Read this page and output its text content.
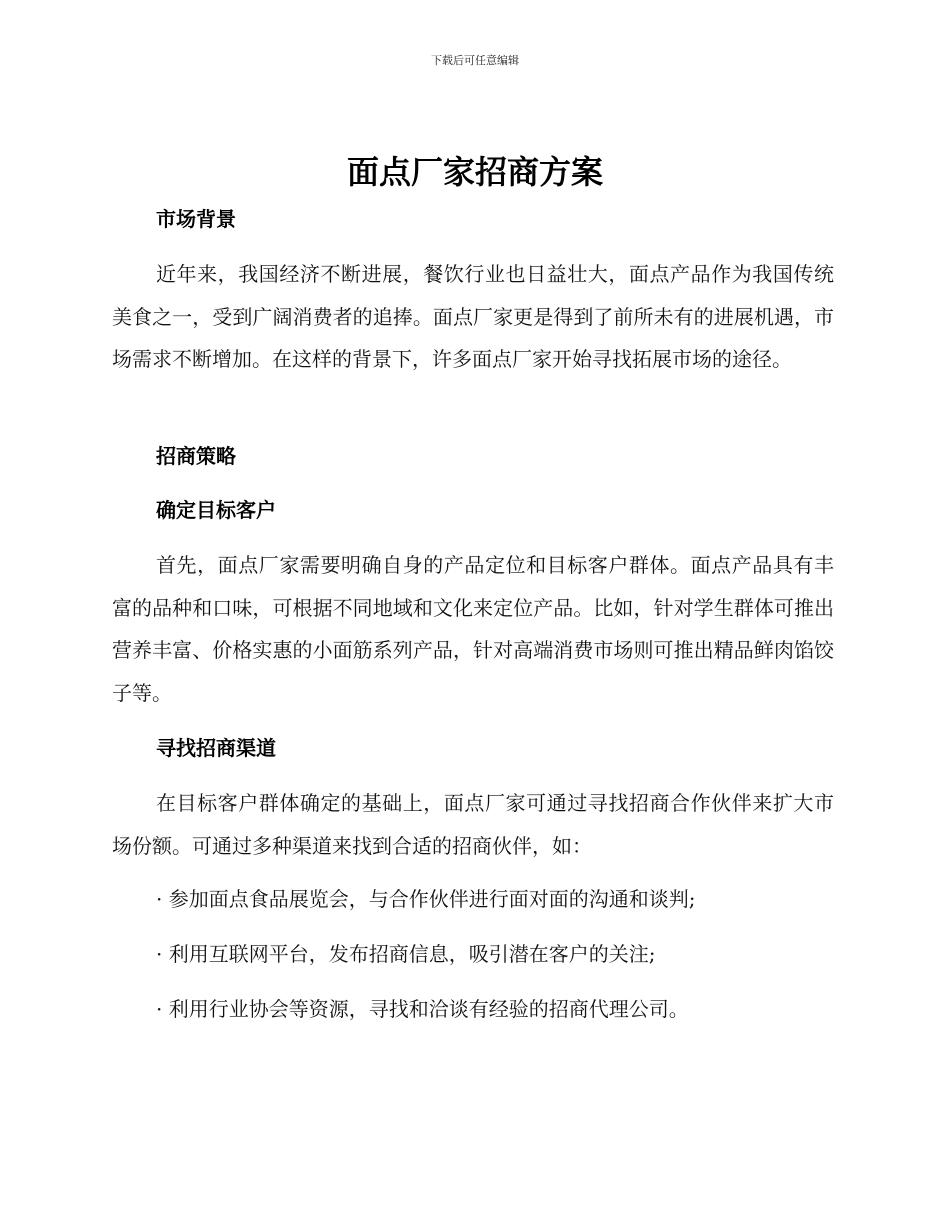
下载后可任意编辑
面点厂家招商方案
市场背景

近年来，我国经济不断进展，餐饮行业也日益壮大，面点产品作为我国传统美食之一，受到广阔消费者的追捧。面点厂家更是得到了前所未有的进展机遇，市场需求不断增加。在这样的背景下，许多面点厂家开始寻找拓展市场的途径。

招商策略
确定目标客户

首先，面点厂家需要明确自身的产品定位和目标客户群体。面点产品具有丰富的品种和口味，可根据不同地域和文化来定位产品。比如，针对学生群体可推出营养丰富、价格实惠的小面筋系列产品，针对高端消费市场则可推出精品鲜肉馅饺子等。

寻找招商渠道

在目标客户群体确定的基础上，面点厂家可通过寻找招商合作伙伴来扩大市场份额。可通过多种渠道来找到合适的招商伙伴，如：

· 参加面点食品展览会，与合作伙伴进行面对面的沟通和谈判;

· 利用互联网平台，发布招商信息，吸引潜在客户的关注;

· 利用行业协会等资源，寻找和洽谈有经验的招商代理公司。
